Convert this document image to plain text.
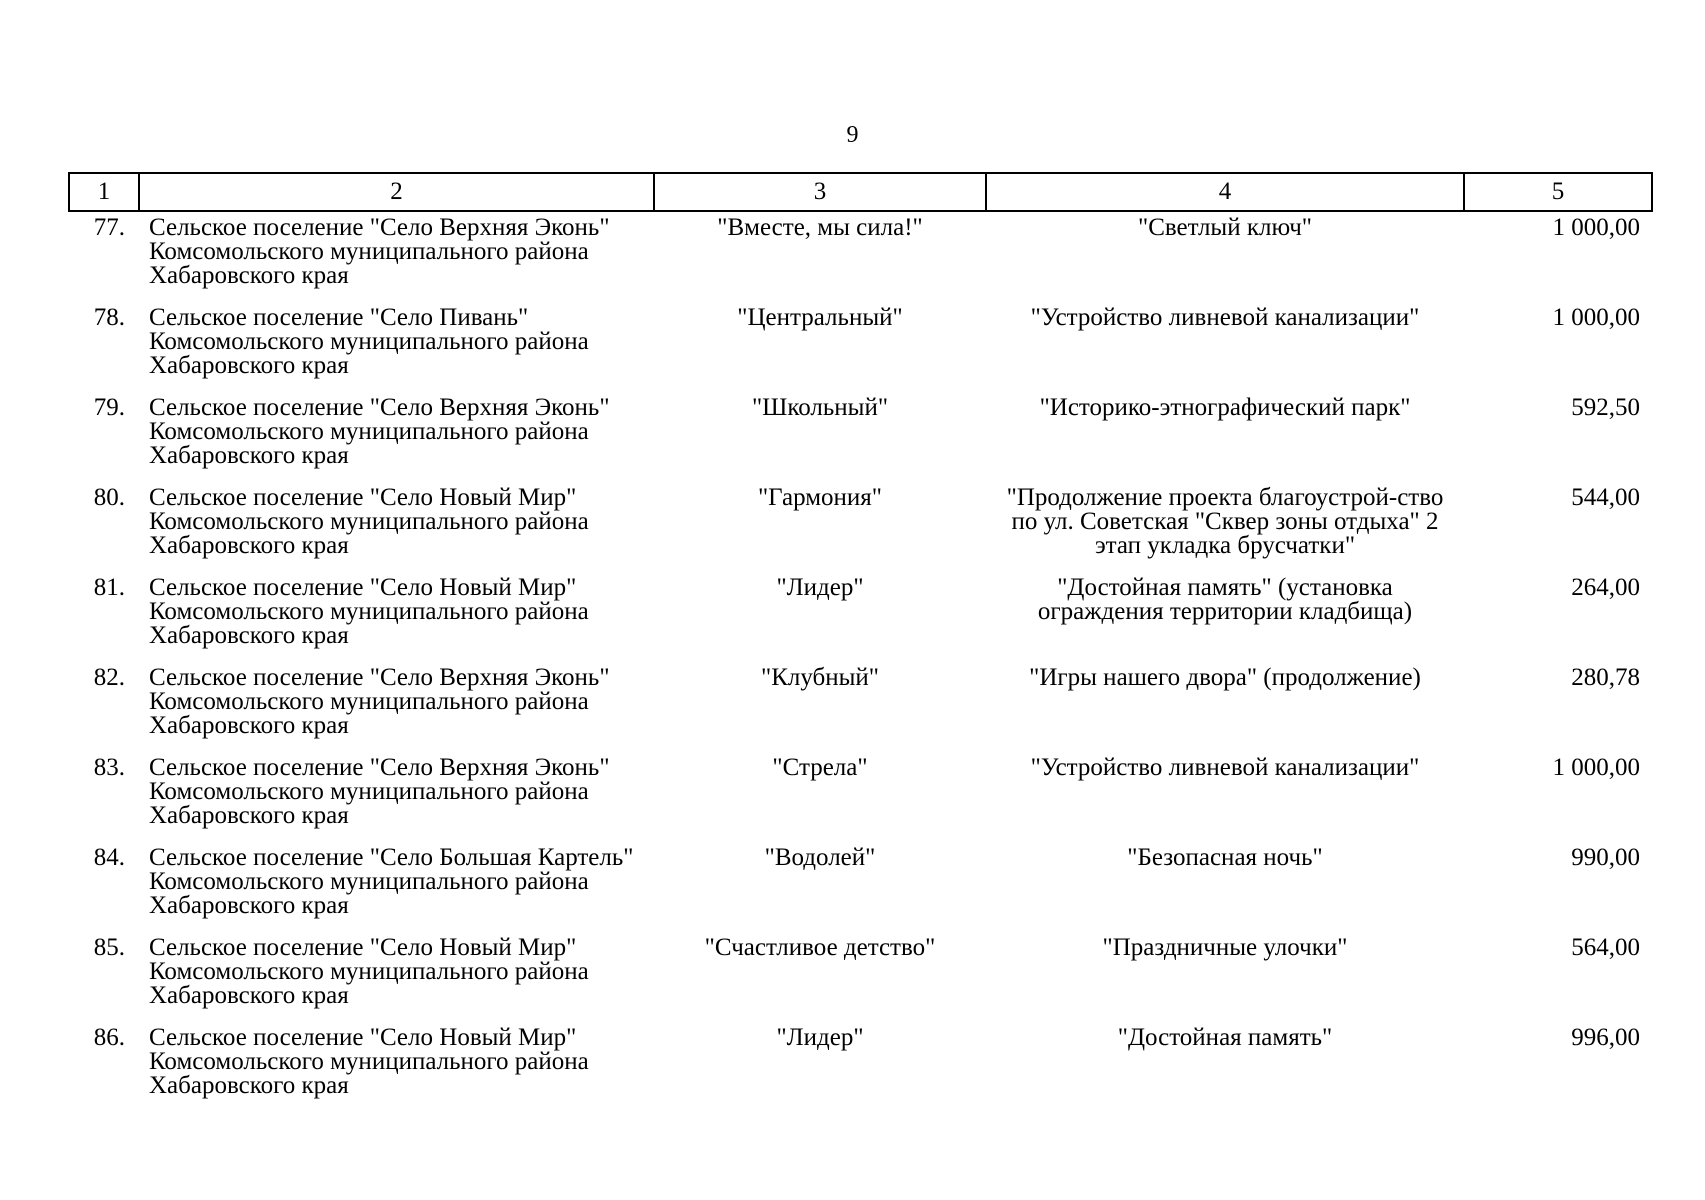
9
1	2	3	4	5
77.	Сельское поселение "Село Верхняя Эконь" Комсомольского муниципального района Хабаровского края	"Вместе, мы сила!"	"Светлый ключ"	1 000,00
78.	Сельское поселение "Село Пивань" Комсомольского муниципального района Хабаровского края	"Центральный"	"Устройство ливневой канализации"	1 000,00
79.	Сельское поселение "Село Верхняя Эконь" Комсомольского муниципального района Хабаровского края	"Школьный"	"Историко-этнографический парк"	592,50
80.	Сельское поселение "Село Новый Мир" Комсомольского муниципального района Хабаровского края	"Гармония"	"Продолжение проекта благоустрой-ство по ул. Советская "Сквер зоны отдыха" 2 этап укладка брусчатки"	544,00
81.	Сельское поселение "Село Новый Мир" Комсомольского муниципального района Хабаровского края	"Лидер"	"Достойная память" (установка ограждения территории кладбища)	264,00
82.	Сельское поселение "Село Верхняя Эконь" Комсомольского муниципального района Хабаровского края	"Клубный"	"Игры нашего двора" (продолжение)	280,78
83.	Сельское поселение "Село Верхняя Эконь" Комсомольского муниципального района Хабаровского края	"Стрела"	"Устройство ливневой канализации"	1 000,00
84.	Сельское поселение "Село Большая Картель" Комсомольского муниципального района Хабаровского края	"Водолей"	"Безопасная ночь"	990,00
85.	Сельское поселение "Село Новый Мир" Комсомольского муниципального района Хабаровского края	"Счастливое детство"	"Праздничные улочки"	564,00
86.	Сельское поселение "Село Новый Мир" Комсомольского муниципального района Хабаровского края	"Лидер"	"Достойная память"	996,00
